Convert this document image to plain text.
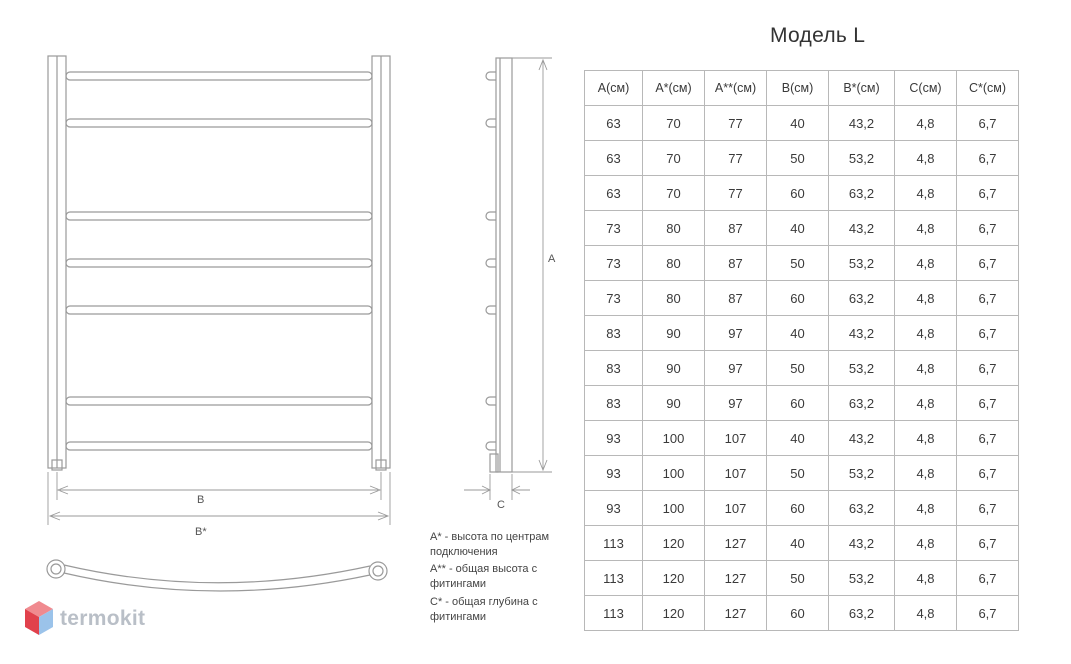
B
B*
A
C
Модель L
A(см)	A*(см)	A**(см)	B(см)	B*(см)	C(см)	C*(см)
63	70	77	40	43,2	4,8	6,7
63	70	77	50	53,2	4,8	6,7
63	70	77	60	63,2	4,8	6,7
73	80	87	40	43,2	4,8	6,7
73	80	87	50	53,2	4,8	6,7
73	80	87	60	63,2	4,8	6,7
83	90	97	40	43,2	4,8	6,7
83	90	97	50	53,2	4,8	6,7
83	90	97	60	63,2	4,8	6,7
93	100	107	40	43,2	4,8	6,7
93	100	107	50	53,2	4,8	6,7
93	100	107	60	63,2	4,8	6,7
113	120	127	40	43,2	4,8	6,7
113	120	127	50	53,2	4,8	6,7
113	120	127	60	63,2	4,8	6,7
A* - высота по центрам подключения
A** - общая высота с фитингами
C* - общая глубина с фитингами
termokit
